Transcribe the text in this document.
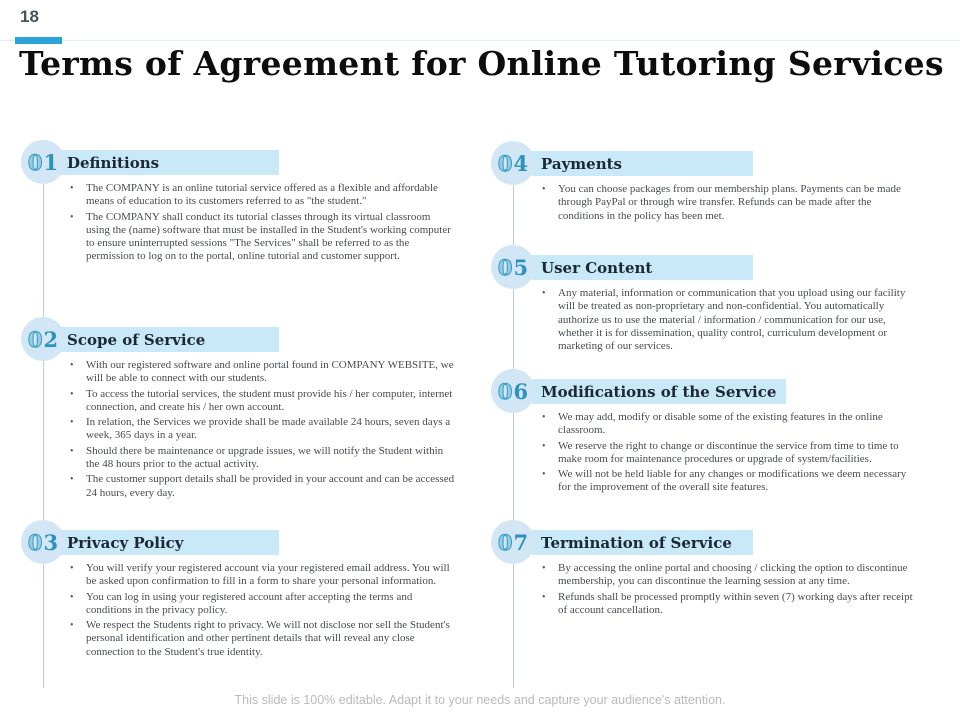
18
Terms of Agreement for Online Tutoring Services
0 1 Definitions
• The COMPANY is an online tutorial service offered as a flexible and affordable means of education to its customers referred to as "the student."
• The COMPANY shall conduct its tutorial classes through its virtual classroom using the (name) software that must be installed in the Student's working computer to ensure uninterrupted sessions "The Services" shall be referred to as the permission to log on to the portal, online tutorial and customer support.
0 2 Scope of Service
• With our registered software and online portal found in COMPANY WEBSITE, we will be able to connect with our students.
• To access the tutorial services, the student must provide his / her computer, internet connection, and create his / her own account.
• In relation, the Services we provide shall be made available 24 hours, seven days a week, 365 days in a year.
• Should there be maintenance or upgrade issues, we will notify the Student within the 48 hours prior to the actual activity.
• The customer support details shall be provided in your account and can be accessed 24 hours, every day.
0 3 Privacy Policy
• You will verify your registered account via your registered email address. You will be asked upon confirmation to fill in a form to share your personal information.
• You can log in using your registered account after accepting the terms and conditions in the privacy policy.
• We respect the Students right to privacy. We will not disclose nor sell the Student's personal identification and other pertinent details that will reveal any close connection to the Student's true identity.
0 4 Payments
• You can choose packages from our membership plans. Payments can be made through PayPal or through wire transfer. Refunds can be made after the conditions in the policy has been met.
0 5 User Content
• Any material, information or communication that you upload using our facility will be treated as non-proprietary and non-confidential. You automatically authorize us to use the material / information / communication for our use, whether it is for dissemination, quality control, curriculum development or marketing of our services.
0 6 Modifications of the Service
• We may add, modify or disable some of the existing features in the online classroom.
• We reserve the right to change or discontinue the service from time to time to make room for maintenance procedures or upgrade of system/facilities.
• We will not be held liable for any changes or modifications we deem necessary for the improvement of the overall site features.
0 7 Termination of Service
• By accessing the online portal and choosing / clicking the option to discontinue membership, you can discontinue the learning session at any time.
• Refunds shall be processed promptly within seven (7) working days after receipt of account cancellation.
This slide is 100% editable. Adapt it to your needs and capture your audience's attention.
